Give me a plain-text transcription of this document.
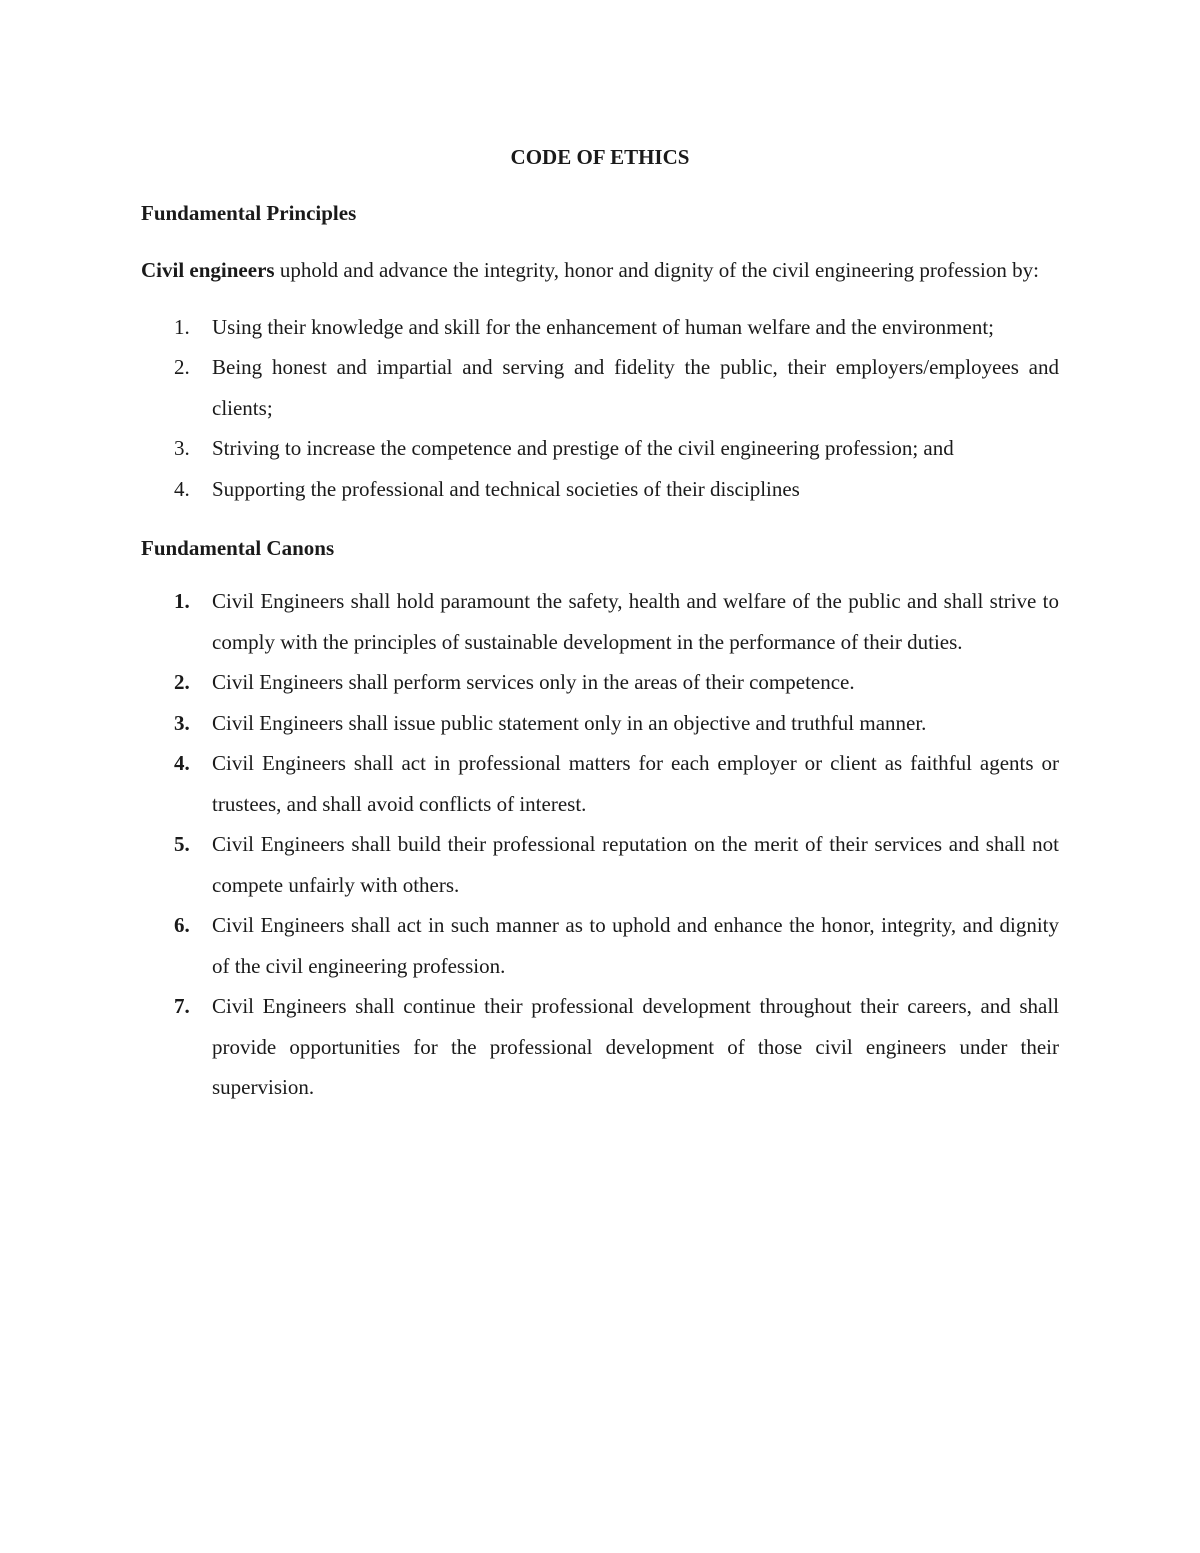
CODE OF ETHICS
Fundamental Principles

Civil engineers uphold and advance the integrity, honor and dignity of the civil engineering profession by:

1. Using their knowledge and skill for the enhancement of human welfare and the environment;
2. Being honest and impartial and serving and fidelity the public, their employers/employees and clients;
3. Striving to increase the competence and prestige of the civil engineering profession; and
4. Supporting the professional and technical societies of their disciplines
Fundamental Canons
1. Civil Engineers shall hold paramount the safety, health and welfare of the public and shall strive to comply with the principles of sustainable development in the performance of their duties.
2. Civil Engineers shall perform services only in the areas of their competence.
3. Civil Engineers shall issue public statement only in an objective and truthful manner.
4. Civil Engineers shall act in professional matters for each employer or client as faithful agents or trustees, and shall avoid conflicts of interest.
5. Civil Engineers shall build their professional reputation on the merit of their services and shall not compete unfairly with others.
6. Civil Engineers shall act in such manner as to uphold and enhance the honor, integrity, and dignity of the civil engineering profession.
7. Civil Engineers shall continue their professional development throughout their careers, and shall provide opportunities for the professional development of those civil engineers under their supervision.
